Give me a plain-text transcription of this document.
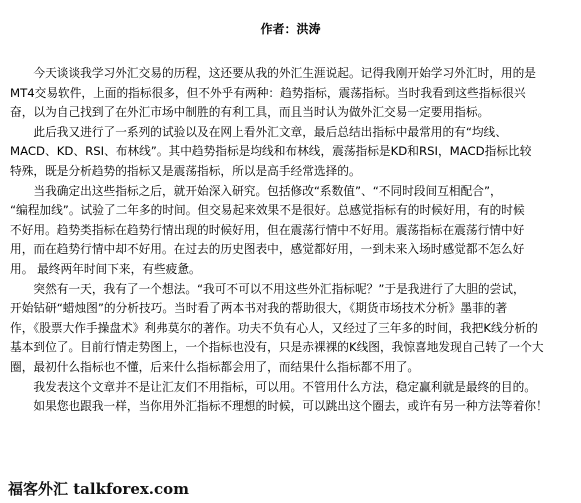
作者：洪涛
　　今天谈谈我学习外汇交易的历程，这还要从我的外汇生涯说起。记得我刚开始学习外汇时，用的是
MT4交易软件，上面的指标很多，但不外乎有两种：趋势指标，震荡指标。当时我看到这些指标很兴
奋，以为自己找到了在外汇市场中制胜的有利工具，而且当时认为做外汇交易一定要用指标。
　　此后我又进行了一系列的试验以及在网上看外汇文章，最后总结出指标中最常用的有“均线、
MACD、KD、RSI、布林线”。其中趋势指标是均线和布林线，震荡指标是KD和RSI，MACD指标比较
特殊，既是分析趋势的指标又是震荡指标，所以是高手经常选择的。
　　当我确定出这些指标之后，就开始深入研究。包括修改“系数值”、“不同时段间互相配合”，
“编程加线”。试验了二年多的时间。但交易起来效果不是很好。总感觉指标有的时候好用，有的时候
不好用。趋势类指标在趋势行情出现的时候好用，但在震荡行情中不好用。震荡指标在震荡行情中好
用，而在趋势行情中却不好用。在过去的历史图表中，感觉都好用，一到未来入场时感觉都不怎么好
用。 最终两年时间下来，有些疲惫。
　　突然有一天，我有了一个想法。“我可不可以不用这些外汇指标呢？”于是我进行了大胆的尝试，
开始钻研“蜡烛图”的分析技巧。当时看了两本书对我的帮助很大，《期货市场技术分析》墨菲的著
作，《股票大作手操盘术》利弗莫尔的著作。功夫不负有心人，又经过了三年多的时间，我把K线分析的
基本到位了。目前行情走势图上，一个指标也没有，只是赤裸裸的K线图，我惊喜地发现自己转了一个大
圈，最初什么指标也不懂，后来什么指标都会用了，而结果什么指标都不用了。
　　我发表这个文章并不是让汇友们不用指标，可以用。不管用什么方法，稳定赢利就是最终的目的。
　　如果您也跟我一样，当你用外汇指标不理想的时候，可以跳出这个圈去，或许有另一种方法等着你！
福客外汇 talkforex.com
